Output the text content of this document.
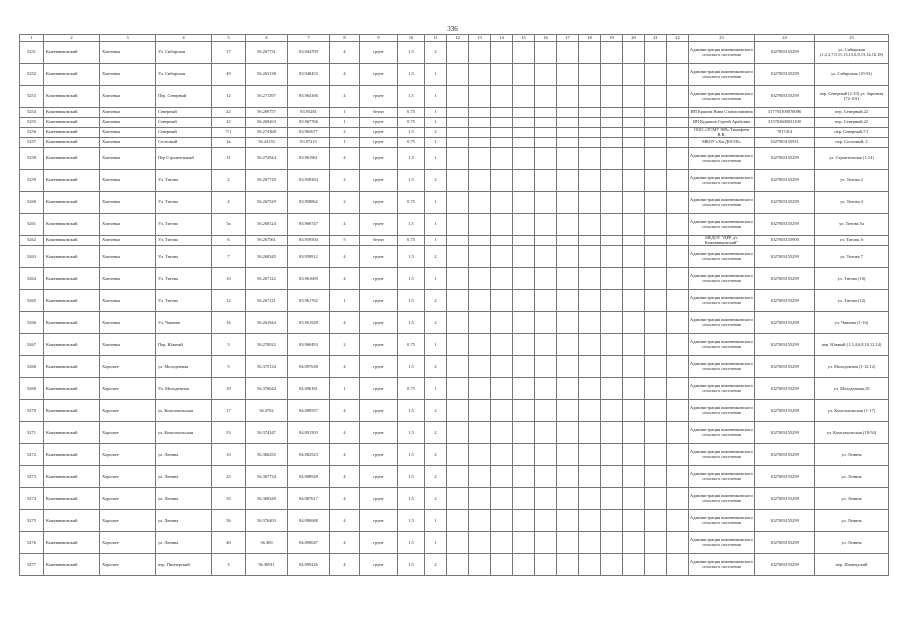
336
1	2	3	4	5	6	7	8	9	10	11	12	13	14	15	16	17	18	19	20	21	22	23	24	25
5251	Кожевниковский	Хмелевка	Ул. Сибирская	17	56.267731	83.944709	4	грунт	1.5	2												Администрация кожевниковского сельского поселения	1027003155299	ул. Сибирская (1,2,3,7,9,11,13,15,6,8,13,14,16,18)
5252	Кожевниковский	Хмелевка	Ул. Сибирская	49	56.263138	83.948453	4	грунт	1.5	1												Администрация кожевниковского сельского поселения	1027003155299	ул. Сибирская (19-53)
5253	Кожевниковский	Хмелевка	Пер. Северный	12	56.271397	83.964166	4	грунт	1.5	1												Администрация кожевниковского сельского поселения	1027003155299	пер. Северный (2-10) ул. Заречная (72-101)
5254	Кожевниковский	Хмелевка	Северный	22	56.269757	83.95281	1	бетон	0.75	1												ИП Ершова Нина Станиславовна	317703100070086	пер. Северный,22
5255	Кожевниковский	Хмелевка	Северный	22	56.269263	83.967766	1	грунт	0.75	1												ИП Кудашов Сергей Арабович	315702600031100	пер. Северный,22
5256	Кожевниковский	Хмелевка	Северный	7/1	56.274368	83.965677	2	грунт	1.5	2												ООО «ТСМУ 909» Тимофеев В.В.	7017414	пер. Северный,7/1
5257	Кожевниковский	Хмелевка	Сосновый	2а	56.24133	83.97215	1	грунт	0.75	1												МКОУ «Хм.ДОСШ»	1027003155911	пер. Сосновый, 2
5258	Кожевниковский	Хмелевка	Пер Строительный	11	56.272944	83.961961	4	грунт	1.5	1												Администрация кожевниковского сельского поселения	1027003155299	ул. Строительная (1-14)
5259	Кожевниковский	Хмелевка	Ул. Титова	2	56.267729	83.958284	2	грунт	1.5	2												Администрация кожевниковского сельского поселения	1027003155299	ул. Титова 2
5260	Кожевниковский	Хмелевка	Ул. Титова	4	56.267529	83.958862	2	грунт	0.75	1												Администрация кожевниковского сельского поселения	1027003155299	ул. Титова 4
5261	Кожевниковский	Хмелевка	Ул. Титова	5а	56.268124	83.960747	4	грунт	1.5	1												Администрация кожевниковского сельского поселения	1027003155299	ул. Титова 5а
5262	Кожевниковский	Хмелевка	Ул. Титова	6	56.267561	83.959504	5	бетон	0.75	1												МБДОУ "ЦРР д/с Кожевниковский"	1027003155900	ул. Титова, 6
5263	Кожевниковский	Хмелевка	Ул. Титова	7	56.268345	83.959912	4	грунт	1.5	2												Администрация кожевниковского сельского поселения	1027003155299	ул. Титова 7
5264	Кожевниковский	Хмелевка	Ул. Титова	10	56.267122	83.961069	4	грунт	1.5	1												Администрация кожевниковского сельского поселения	1027003155299	ул. Титова (10)
5265	Кожевниковский	Хмелевка	Ул. Титова	12	56.267121	83.961762	1	грунт	1.5	2												Администрация кожевниковского сельского поселения	1027003155299	ул. Титова (12)
5266	Кожевниковский	Хмелевка	Ул. Чапаева	16	56.261944	83.961928	4	грунт	1.5	2												Администрация кожевниковского сельского поселения	1027003155299	ул. Чапаева (1-16)
5267	Кожевниковский	Хмелевка	Пер. Южный	3	56.270022	83.960493	2	грунт	0.75	1												Администрация кожевниковского сельского поселения	1027003155299	пер. Южный (1,3,4,6,8,10,12,14)
5268	Кожевниковский	Хорошее	ул. Молодежная	5	56.375134	84.097638	4	грунт	1.5	2												Администрация кожевниковского сельского поселения	1027003155299	ул. Молодежная (1-12,12)
5269	Кожевниковский	Хорошее	Ул. Молодежная	10	56.376644	84.096181	1	грунт	0.75	1												Администрация кожевниковского сельского поселения	1027003155299	ул. Молодежная,10
5270	Кожевниковский	Хорошее	ул. Комсомольская	17	56.3702	84.089557	4	грунт	1.5	2												Администрация кожевниковского сельского поселения	1027003155299	ул. Комсомольская (1-17)
5271	Кожевниковский	Хорошее	ул. Комсомольская	53	56.374347	84.091503	4	грунт	1.5	2												Администрация кожевниковского сельского поселения	1027003155299	ул. Комсомольская (18-54)
5272	Кожевниковский	Хорошее	ул. Ленина	10	56.366255	84.082523	4	грунт	1.5	2												Администрация кожевниковского сельского поселения	1027003155299	ул. Ленина
5273	Кожевниковский	Хорошее	ул. Ленина	25	56.367734	84.088928	4	грунт	1.5	2												Администрация кожевниковского сельского поселения	1027003155299	ул. Ленина
5274	Кожевниковский	Хорошее	ул. Ленина	35	56.368348	84.087617	4	грунт	1.5	2												Администрация кожевниковского сельского поселения	1027003155299	ул. Ленина
5275	Кожевниковский	Хорошее	ул. Ленина	56	56.376403	84.090688	4	грунт	1.5	1												Администрация кожевниковского сельского поселения	1027003155299	ул. Ленина
5276	Кожевниковский	Хорошее	ул. Ленина	40	56.369	84.090047	4	грунт	1.5	1												Администрация кожевниковского сельского поселения	1027003155299	ул. Ленина
5277	Кожевниковский	Хорошее	пер. Пионерский	3	56.36911	84.099226	4	грунт	1.5	2												Администрация кожевниковского сельского поселения	1027003155299	пер. Пионерский
